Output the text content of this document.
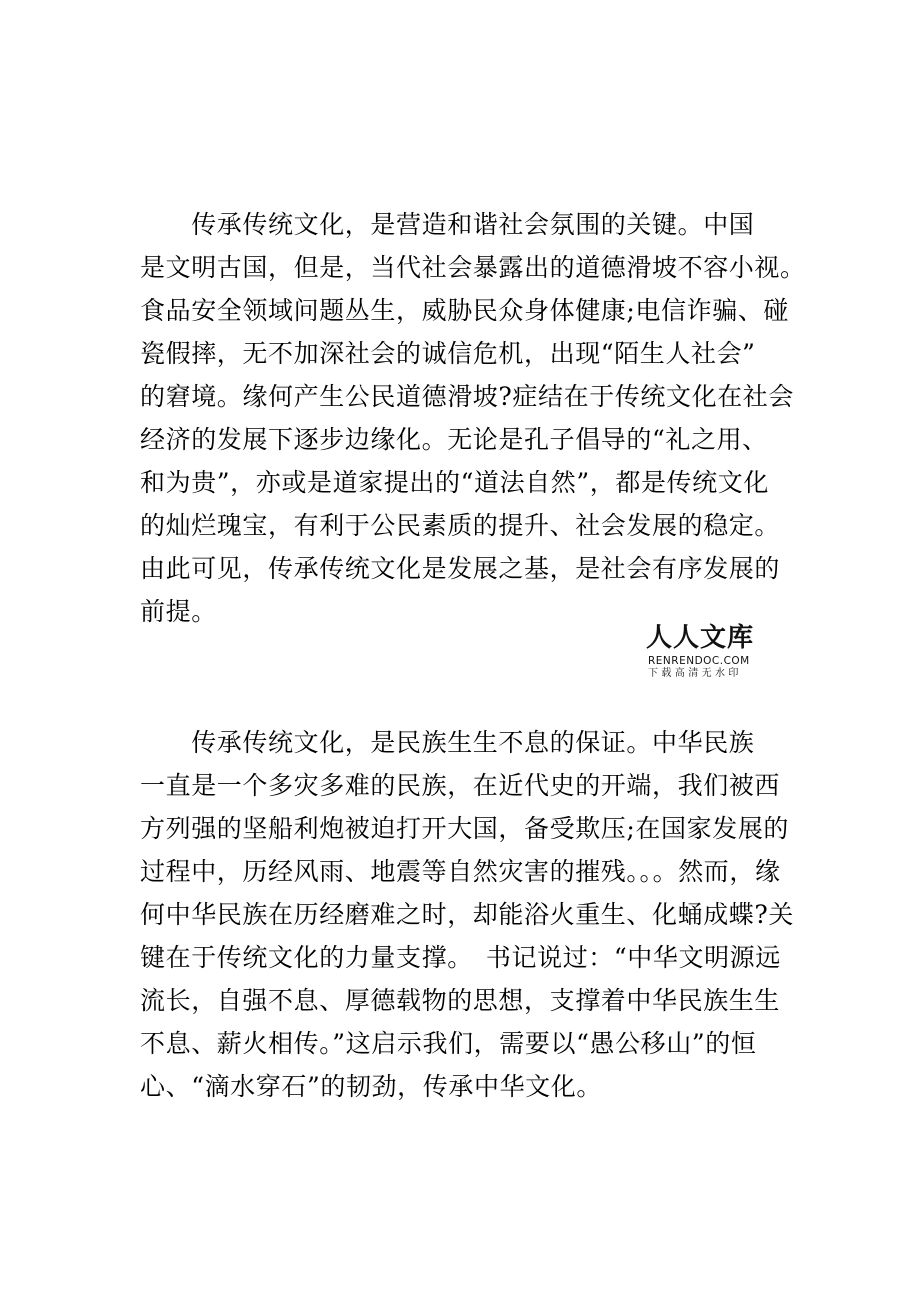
　　传承传统文化，是营造和谐社会氛围的关键。中国
是文明古国，但是，当代社会暴露出的道德滑坡不容小视。
食品安全领域问题丛生，威胁民众身体健康;电信诈骗、碰
瓷假摔，无不加深社会的诚信危机，出现“陌生人社会”
的窘境。缘何产生公民道德滑坡?症结在于传统文化在社会
经济的发展下逐步边缘化。无论是孔子倡导的“礼之用、
和为贵”，亦或是道家提出的“道法自然”，都是传统文化
的灿烂瑰宝，有利于公民素质的提升、社会发展的稳定。
由此可见，传承传统文化是发展之基，是社会有序发展的
前提。
人人文库
RENRENDOC.COM
下载高清无水印
　　传承传统文化，是民族生生不息的保证。中华民族
一直是一个多灾多难的民族，在近代史的开端，我们被西
方列强的坚船利炮被迫打开大国，备受欺压;在国家发展的
过程中，历经风雨、地震等自然灾害的摧残。。。然而，缘
何中华民族在历经磨难之时，却能浴火重生、化蛹成蝶?关
键在于传统文化的力量支撑。　书记说过：“中华文明源远
流长，自强不息、厚德载物的思想，支撑着中华民族生生
不息、薪火相传。”这启示我们，需要以“愚公移山”的恒
心、“滴水穿石”的韧劲，传承中华文化。
